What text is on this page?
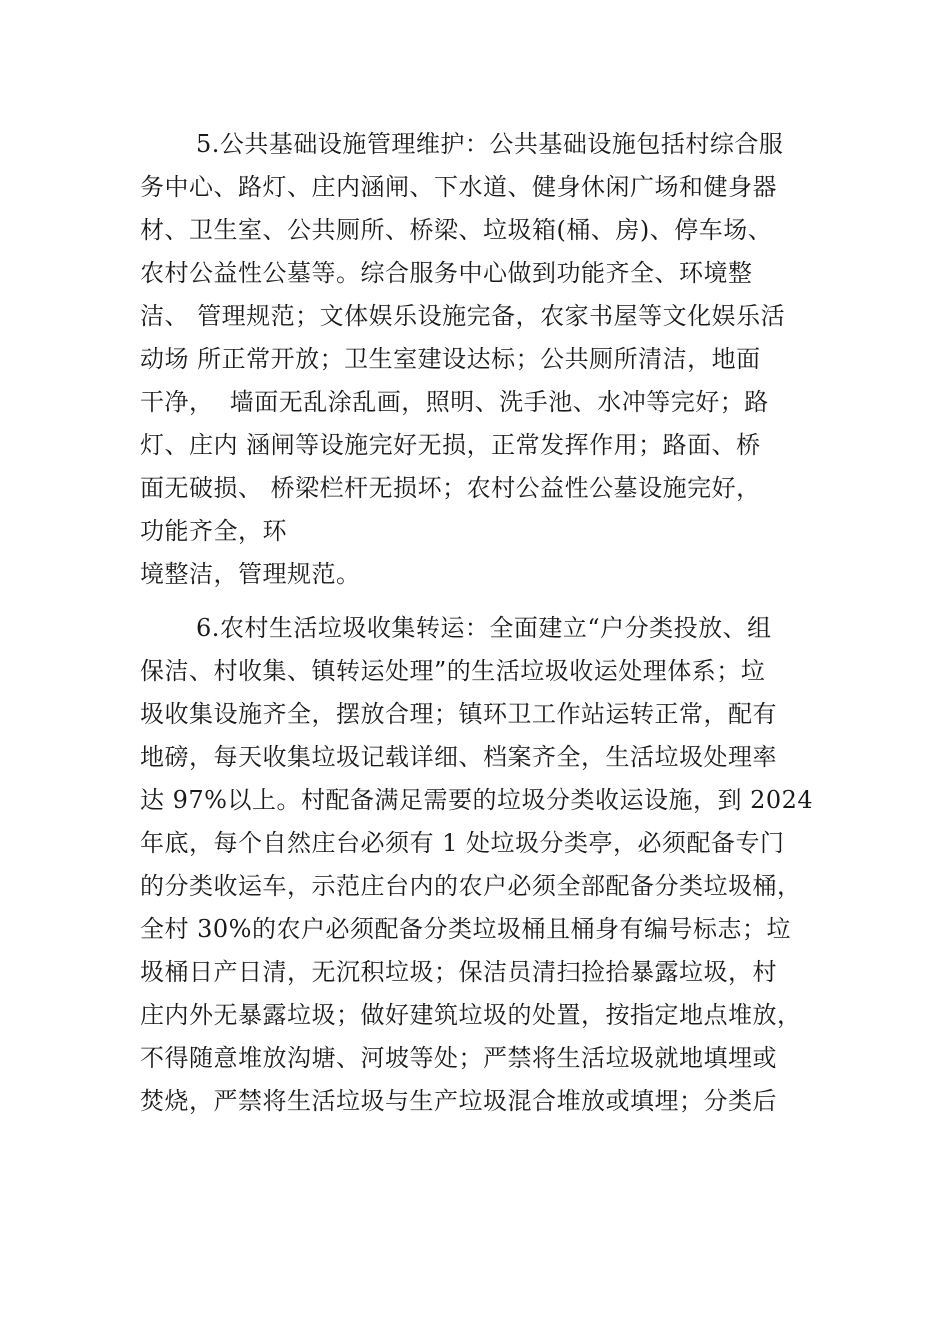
5.公共基础设施管理维护：公共基础设施包括村综合服
务中心、路灯、庄内涵闸、下水道、健身休闲广场和健身器
材、卫生室、公共厕所、桥梁、垃圾箱(桶、房)、停车场、
农村公益性公墓等。综合服务中心做到功能齐全、环境整
洁、 管理规范；文体娱乐设施完备，农家书屋等文化娱乐活
动场 所正常开放；卫生室建设达标；公共厕所清洁，地面
干净，  墙面无乱涂乱画，照明、洗手池、水冲等完好；路
灯、庄内 涵闸等设施完好无损，正常发挥作用；路面、桥
面无破损、 桥梁栏杆无损坏；农村公益性公墓设施完好，
功能齐全，环
境整洁，管理规范。
6.农村生活垃圾收集转运：全面建立“户分类投放、组
保洁、村收集、镇转运处理”的生活垃圾收运处理体系；垃
圾收集设施齐全，摆放合理；镇环卫工作站运转正常，配有
地磅，每天收集垃圾记载详细、档案齐全，生活垃圾处理率
达 97%以上。村配备满足需要的垃圾分类收运设施，到 2024
年底，每个自然庄台必须有 1 处垃圾分类亭，必须配备专门
的分类收运车，示范庄台内的农户必须全部配备分类垃圾桶，
全村 30%的农户必须配备分类垃圾桶且桶身有编号标志；垃
圾桶日产日清，无沉积垃圾；保洁员清扫捡拾暴露垃圾，村
庄内外无暴露垃圾；做好建筑垃圾的处置，按指定地点堆放，
不得随意堆放沟塘、河坡等处；严禁将生活垃圾就地填埋或
焚烧，严禁将生活垃圾与生产垃圾混合堆放或填埋；分类后
